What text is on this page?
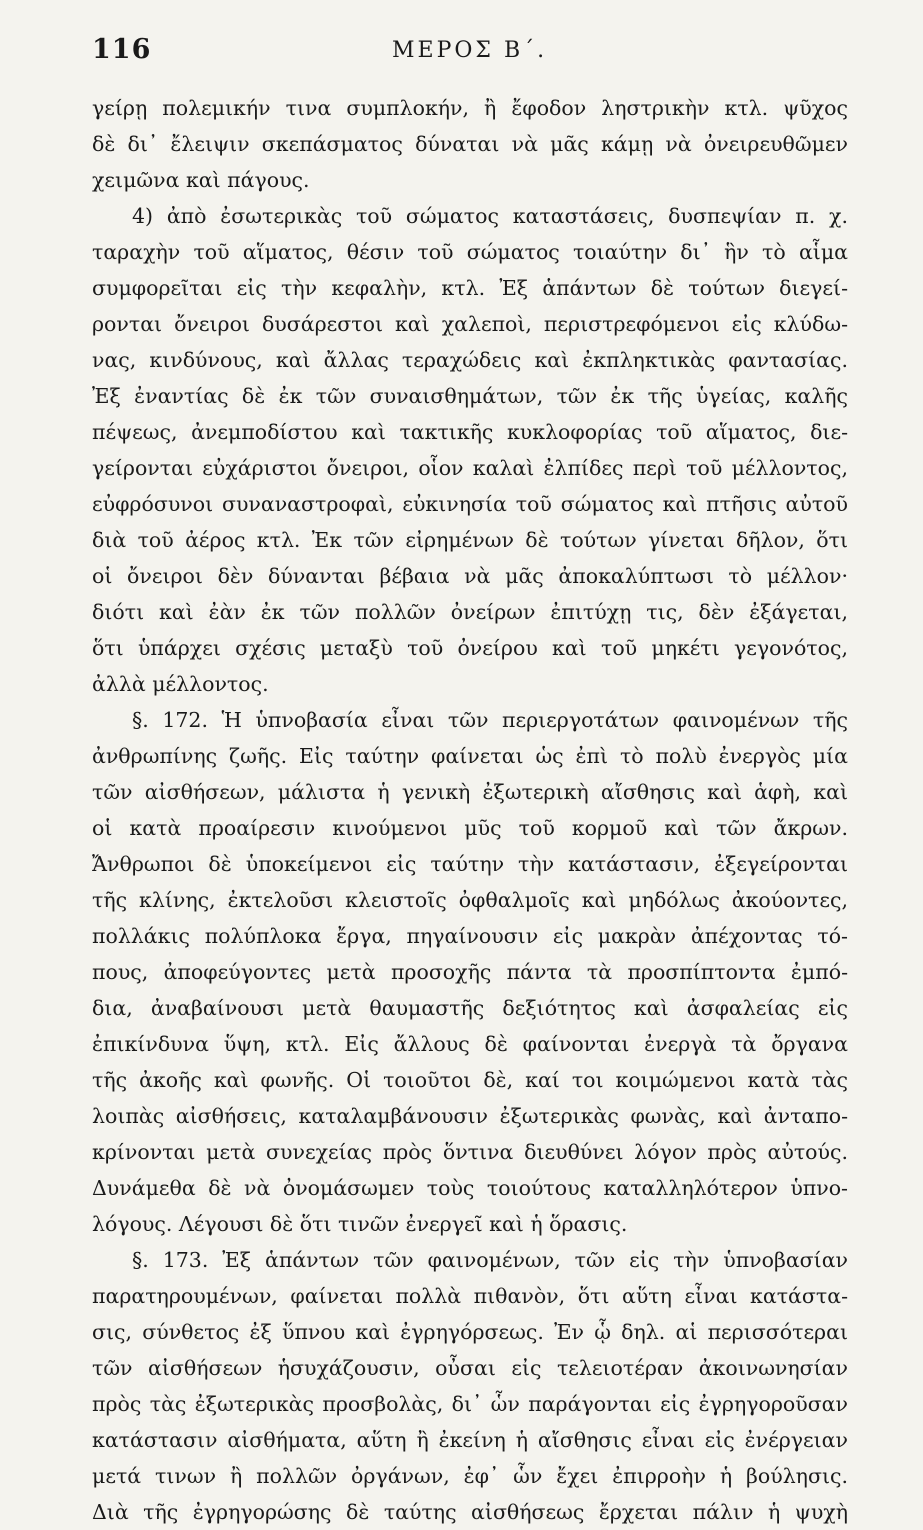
116	ΜΕΡΟΣ Β΄.
γείρῃ πολεμικήν τινα συμπλοκήν, ἢ ἔφοδον ληστρικὴν κτλ. ψῦχος
δὲ δι᾽ ἔλειψιν σκεπάσματος δύναται νὰ μᾶς κάμῃ νὰ ὀνειρευθῶμεν
χειμῶνα καὶ πάγους.
4) ἀπὸ ἐσωτερικὰς τοῦ σώματος καταστάσεις, δυσπεψίαν π. χ.
ταραχὴν τοῦ αἵματος, θέσιν τοῦ σώματος τοιαύτην δι᾽ ἣν τὸ αἷμα
συμφορεῖται εἰς τὴν κεφαλὴν, κτλ. Ἐξ ἁπάντων δὲ τούτων διεγεί-
ρονται ὄνειροι δυσάρεστοι καὶ χαλεποὶ, περιστρεφόμενοι εἰς κλύδω-
νας, κινδύνους, καὶ ἄλλας τεραχώδεις καὶ ἐκπληκτικὰς φαντασίας.
Ἐξ ἐναντίας δὲ ἐκ τῶν συναισθημάτων, τῶν ἐκ τῆς ὑγείας, καλῆς
πέψεως, ἀνεμποδίστου καὶ τακτικῆς κυκλοφορίας τοῦ αἵματος, διε-
γείρονται εὐχάριστοι ὄνειροι, οἷον καλαὶ ἐλπίδες περὶ τοῦ μέλλοντος,
εὐφρόσυνοι συναναστροφαὶ, εὐκινησία τοῦ σώματος καὶ πτῆσις αὐτοῦ
διὰ τοῦ ἀέρος κτλ. Ἐκ τῶν εἰρημένων δὲ τούτων γίνεται δῆλον, ὅτι
οἱ ὄνειροι δὲν δύνανται βέβαια νὰ μᾶς ἀποκαλύπτωσι τὸ μέλλον·
διότι καὶ ἐὰν ἐκ τῶν πολλῶν ὀνείρων ἐπιτύχῃ τις, δὲν ἐξάγεται,
ὅτι ὑπάρχει σχέσις μεταξὺ τοῦ ὀνείρου καὶ τοῦ μηκέτι γεγονότος,
ἀλλὰ μέλλοντος.
§. 172. Ἡ ὑπνοβασία εἶναι τῶν περιεργοτάτων φαινομένων τῆς
ἀνθρωπίνης ζωῆς. Εἰς ταύτην φαίνεται ὡς ἐπὶ τὸ πολὺ ἐνεργὸς μία
τῶν αἰσθήσεων, μάλιστα ἡ γενικὴ ἐξωτερικὴ αἴσθησις καὶ ἁφὴ, καὶ
οἱ κατὰ προαίρεσιν κινούμενοι μῦς τοῦ κορμοῦ καὶ τῶν ἄκρων.
Ἄνθρωποι δὲ ὑποκείμενοι εἰς ταύτην τὴν κατάστασιν, ἐξεγείρονται
τῆς κλίνης, ἐκτελοῦσι κλειστοῖς ὀφθαλμοῖς καὶ μηδόλως ἀκούοντες,
πολλάκις πολύπλοκα ἔργα, πηγαίνουσιν εἰς μακρὰν ἀπέχοντας τό-
πους, ἀποφεύγοντες μετὰ προσοχῆς πάντα τὰ προσπίπτοντα ἐμπό-
δια, ἀναβαίνουσι μετὰ θαυμαστῆς δεξιότητος καὶ ἀσφαλείας εἰς
ἐπικίνδυνα ὕψη, κτλ. Εἰς ἄλλους δὲ φαίνονται ἐνεργὰ τὰ ὄργανα
τῆς ἀκοῆς καὶ φωνῆς. Οἱ τοιοῦτοι δὲ, καί τοι κοιμώμενοι κατὰ τὰς
λοιπὰς αἰσθήσεις, καταλαμβάνουσιν ἐξωτερικὰς φωνὰς, καὶ ἀνταπο-
κρίνονται μετὰ συνεχείας πρὸς ὅντινα διευθύνει λόγον πρὸς αὐτούς.
Δυνάμεθα δὲ νὰ ὀνομάσωμεν τοὺς τοιούτους καταλληλότερον ὑπνο-
λόγους. Λέγουσι δὲ ὅτι τινῶν ἐνεργεῖ καὶ ἡ ὅρασις.
§. 173. Ἐξ ἁπάντων τῶν φαινομένων, τῶν εἰς τὴν ὑπνοβασίαν
παρατηρουμένων, φαίνεται πολλὰ πιθανὸν, ὅτι αὕτη εἶναι κατάστα-
σις, σύνθετος ἐξ ὕπνου καὶ ἐγρηγόρσεως. Ἐν ᾧ δηλ. αἱ περισσότεραι
τῶν αἰσθήσεων ἡσυχάζουσιν, οὖσαι εἰς τελειοτέραν ἀκοινωνησίαν
πρὸς τὰς ἐξωτερικὰς προσβολὰς, δι᾽ ὧν παράγονται εἰς ἐγρηγοροῦσαν
κατάστασιν αἰσθήματα, αὕτη ἢ ἐκείνη ἡ αἴσθησις εἶναι εἰς ἐνέργειαν
μετά τινων ἢ πολλῶν ὀργάνων, ἐφ᾽ ὧν ἔχει ἐπιρροὴν ἡ βούλησις.
Διὰ τῆς ἐγρηγορώσης δὲ ταύτης αἰσθήσεως ἔρχεται πάλιν ἡ ψυχὴ
